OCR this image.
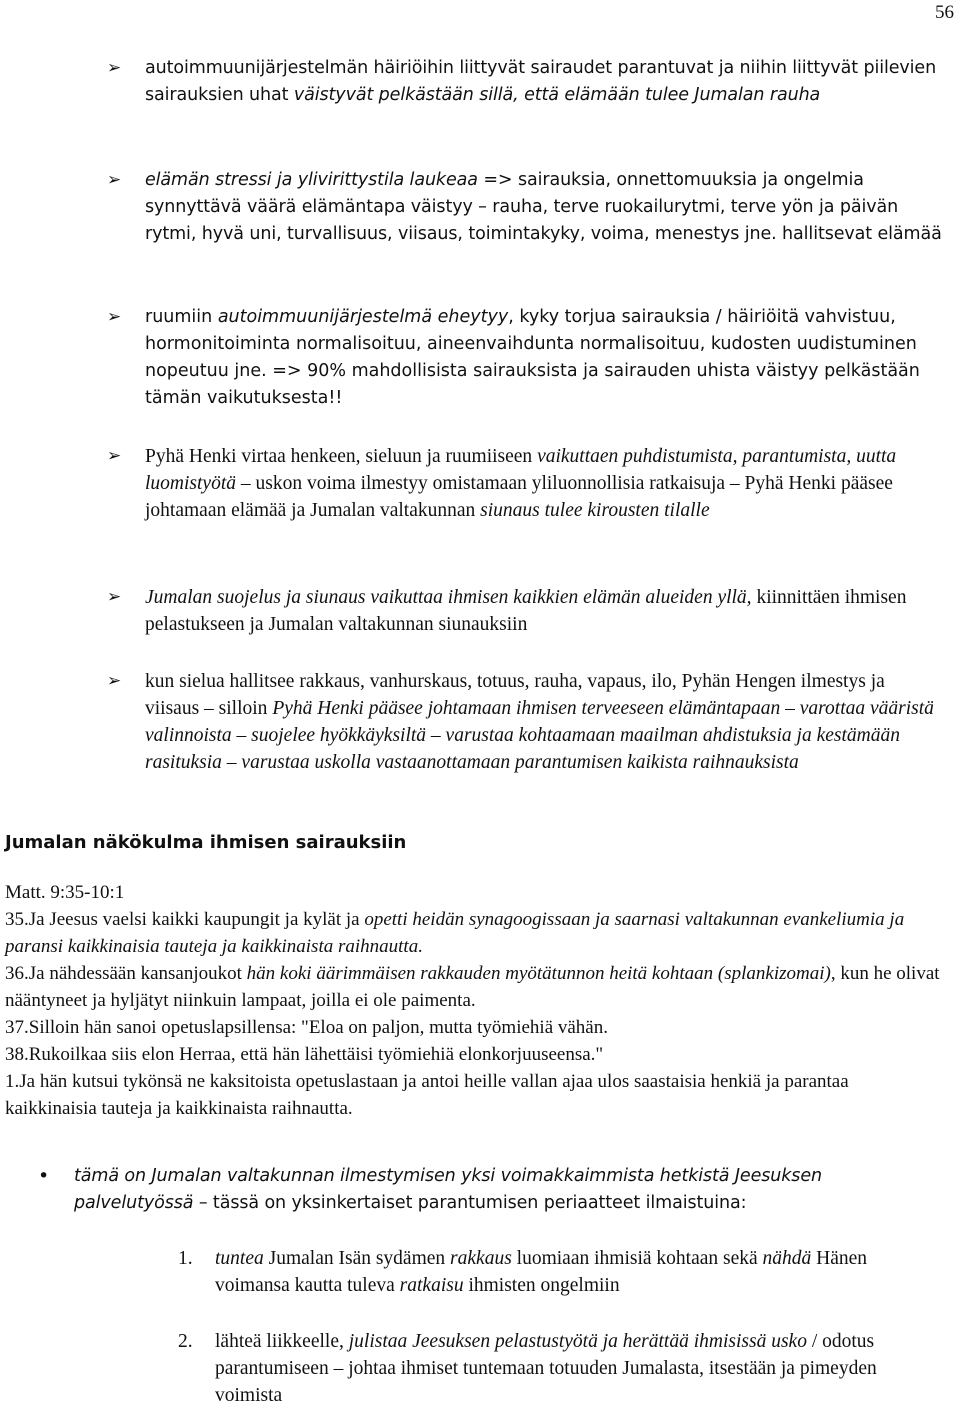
56
➢ autoimmuunijärjestelmän häiriöihin liittyvät sairaudet parantuvat ja niihin liittyvät piilevien sairauksien uhat väistyvät pelkästään sillä, että elämään tulee Jumalan rauha
➢ elämän stressi ja ylivirittystila laukeaa => sairauksia, onnettomuuksia ja ongelmia synnyttävä väärä elämäntapa väistyy – rauha, terve ruokailurytmi, terve yön ja päivän rytmi, hyvä uni, turvallisuus, viisaus, toimintakyky, voima, menestys jne. hallitsevat elämää
➢ ruumiin autoimmuunijärjestelmä eheytyy, kyky torjua sairauksia / häiriöitä vahvistuu, hormonitoiminta normalisoituu, aineenvaihdunta normalisoituu, kudosten uudistuminen nopeutuu jne. => 90% mahdollisista sairauksista ja sairauden uhista väistyy pelkästään tämän vaikutuksesta!!
➢ Pyhä Henki virtaa henkeen, sieluun ja ruumiiseen vaikuttaen puhdistumista, parantumista, uutta luomistyötä – uskon voima ilmestyy omistamaan yliluonnollisia ratkaisuja – Pyhä Henki pääsee johtamaan elämää ja Jumalan valtakunnan siunaus tulee kirousten tilalle
➢ Jumalan suojelus ja siunaus vaikuttaa ihmisen kaikkien elämän alueiden yllä, kiinnittäen ihmisen pelastukseen ja Jumalan valtakunnan siunauksiin
➢ kun sielua hallitsee rakkaus, vanhurskaus, totuus, rauha, vapaus, ilo, Pyhän Hengen ilmestys ja viisaus – silloin Pyhä Henki pääsee johtamaan ihmisen terveeseen elämäntapaan – varottaa vääristä valinnoista – suojelee hyökkäyksiltä – varustaa kohtaamaan maailman ahdistuksia ja kestämään rasituksia – varustaa uskolla vastaanottamaan parantumisen kaikista raihnauksista
Jumalan näkökulma ihmisen sairauksiin
Matt. 9:35-10:1
35.Ja Jeesus vaelsi kaikki kaupungit ja kylät ja opetti heidän synagoogissaan ja saarnasi valtakunnan evankeliumia ja paransi kaikkinaisia tauteja ja kaikkinaista raihnautta.
36.Ja nähdessään kansanjoukot hän koki äärimmäisen rakkauden myötätunnon heitä kohtaan (splankizomai), kun he olivat nääntyneet ja hyljätyt niinkuin lampaat, joilla ei ole paimenta.
37.Silloin hän sanoi opetuslapsillensa: "Eloa on paljon, mutta työmiehiä vähän.
38.Rukoilkaa siis elon Herraa, että hän lähettäisi työmiehiä elonkorjuuseensa."
1.Ja hän kutsui tykönsä ne kaksitoista opetuslastaan ja antoi heille vallan ajaa ulos saastaisia henkiä ja parantaa kaikkinaisia tauteja ja kaikkinaista raihnautta.
• tämä on Jumalan valtakunnan ilmestymisen yksi voimakkaimmista hetkistä Jeesuksen palvelutyössä – tässä on yksinkertaiset parantumisen periaatteet ilmaistuina:
1. tuntea Jumalan Isän sydämen rakkaus luomiaan ihmisiä kohtaan sekä nähdä Hänen voimansa kautta tuleva ratkaisu ihmisten ongelmiin
2. lähteä liikkeelle, julistaa Jeesuksen pelastustyötä ja herättää ihmisissä usko / odotus parantumiseen – johtaa ihmiset tuntemaan totuuden Jumalasta, itsestään ja pimeyden voimista
